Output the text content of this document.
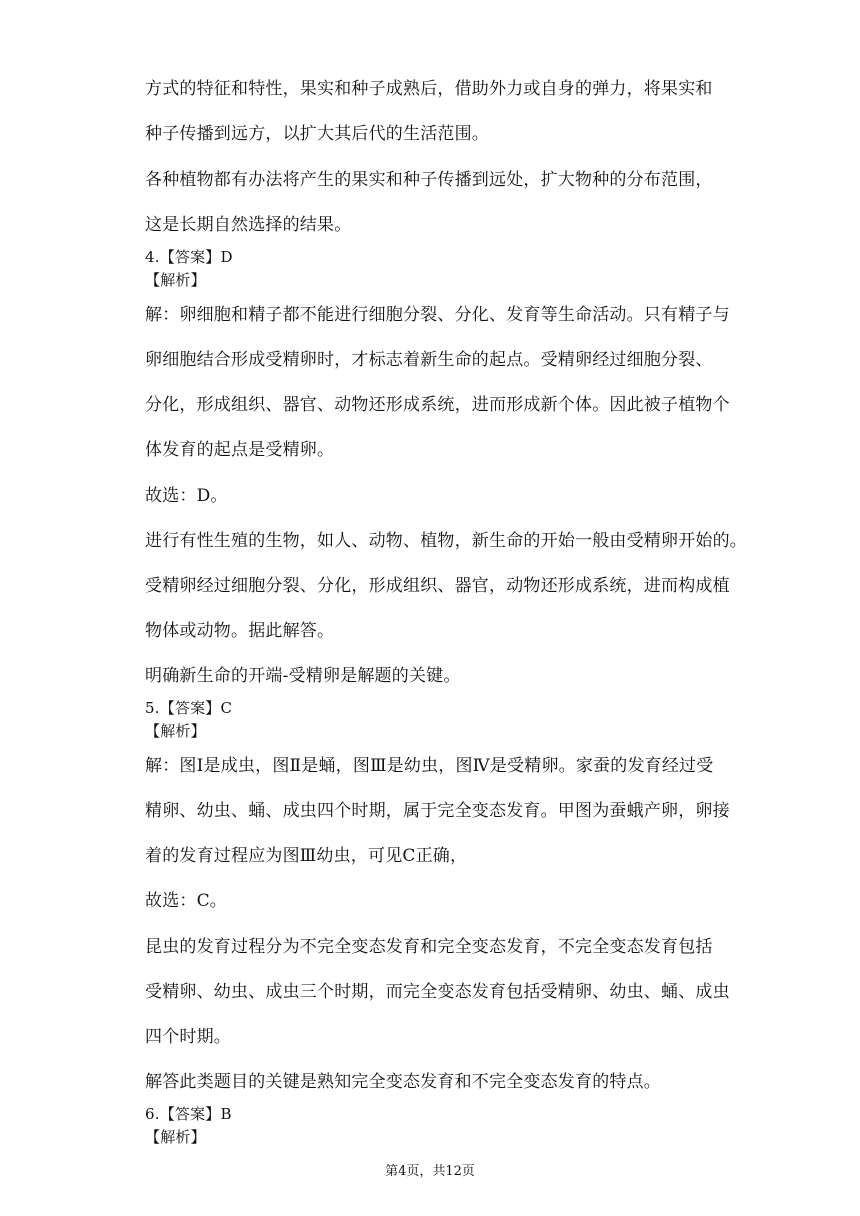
方式的特征和特性，果实和种子成熟后，借助外力或自身的弹力，将果实和
种子传播到远方，以扩大其后代的生活范围。
各种植物都有办法将产生的果实和种子传播到远处，扩大物种的分布范围，
这是长期自然选择的结果。
4.【答案】D
【解析】
解：卵细胞和精子都不能进行细胞分裂、分化、发育等生命活动。只有精子与
卵细胞结合形成受精卵时，才标志着新生命的起点。受精卵经过细胞分裂、
分化，形成组织、器官、动物还形成系统，进而形成新个体。因此被子植物个
体发育的起点是受精卵。
故选：D。
进行有性生殖的生物，如人、动物、植物，新生命的开始一般由受精卵开始的。
受精卵经过细胞分裂、分化，形成组织、器官，动物还形成系统，进而构成植
物体或动物。据此解答。
明确新生命的开端-受精卵是解题的关键。
5.【答案】C
【解析】
解：图Ⅰ是成虫，图Ⅱ是蛹，图Ⅲ是幼虫，图Ⅳ是受精卵。家蚕的发育经过受
精卵、幼虫、蛹、成虫四个时期，属于完全变态发育。甲图为蚕蛾产卵，卵接
着的发育过程应为图Ⅲ幼虫，可见C正确，
故选：C。
昆虫的发育过程分为不完全变态发育和完全变态发育，不完全变态发育包括
受精卵、幼虫、成虫三个时期，而完全变态发育包括受精卵、幼虫、蛹、成虫
四个时期。
解答此类题目的关键是熟知完全变态发育和不完全变态发育的特点。
6.【答案】B
【解析】
第4页，共12页
